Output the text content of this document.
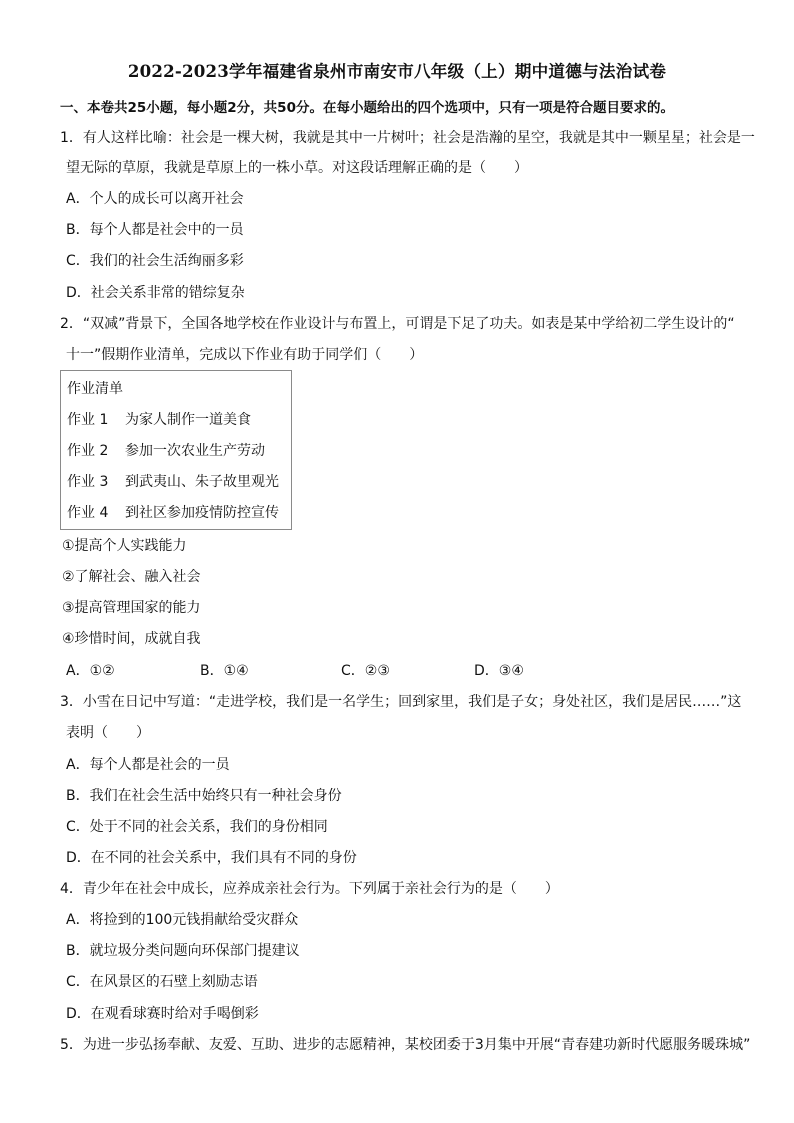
2022-2023学年福建省泉州市南安市八年级（上）期中道德与法治试卷
一、本卷共25小题，每小题2分，共50分。在每小题给出的四个选项中，只有一项是符合题目要求的。
1．有人这样比喻：社会是一棵大树，我就是其中一片树叶；社会是浩瀚的星空，我就是其中一颗星星；社会是一
望无际的草原，我就是草原上的一株小草。对这段话理解正确的是（　　）
A．个人的成长可以离开社会
B．每个人都是社会中的一员
C．我们的社会生活绚丽多彩
D．社会关系非常的错综复杂
2．“双减”背景下，全国各地学校在作业设计与布置上，可谓是下足了功夫。如表是某中学给初二学生设计的“
十一”假期作业清单，完成以下作业有助于同学们（　　）
作业清单
作业 1 为家人制作一道美食
作业 2 参加一次农业生产劳动
作业 3 到武夷山、朱子故里观光
作业 4 到社区参加疫情防控宣传
①提高个人实践能力
②了解社会、融入社会
③提高管理国家的能力
④珍惜时间，成就自我
A．①②	B．①④	C．②③	D．③④
3．小雪在日记中写道：“走进学校，我们是一名学生；回到家里，我们是子女；身处社区，我们是居民……”这
表明（　　）
A．每个人都是社会的一员
B．我们在社会生活中始终只有一种社会身份
C．处于不同的社会关系，我们的身份相同
D．在不同的社会关系中，我们具有不同的身份
4．青少年在社会中成长，应养成亲社会行为。下列属于亲社会行为的是（　　）
A．将捡到的100元钱捐献给受灾群众
B．就垃圾分类问题向环保部门提建议
C．在风景区的石壁上刻励志语
D．在观看球赛时给对手喝倒彩
5．为进一步弘扬奉献、友爱、互助、进步的志愿精神，某校团委于3月集中开展“青春建功新时代愿服务暖珠城”
